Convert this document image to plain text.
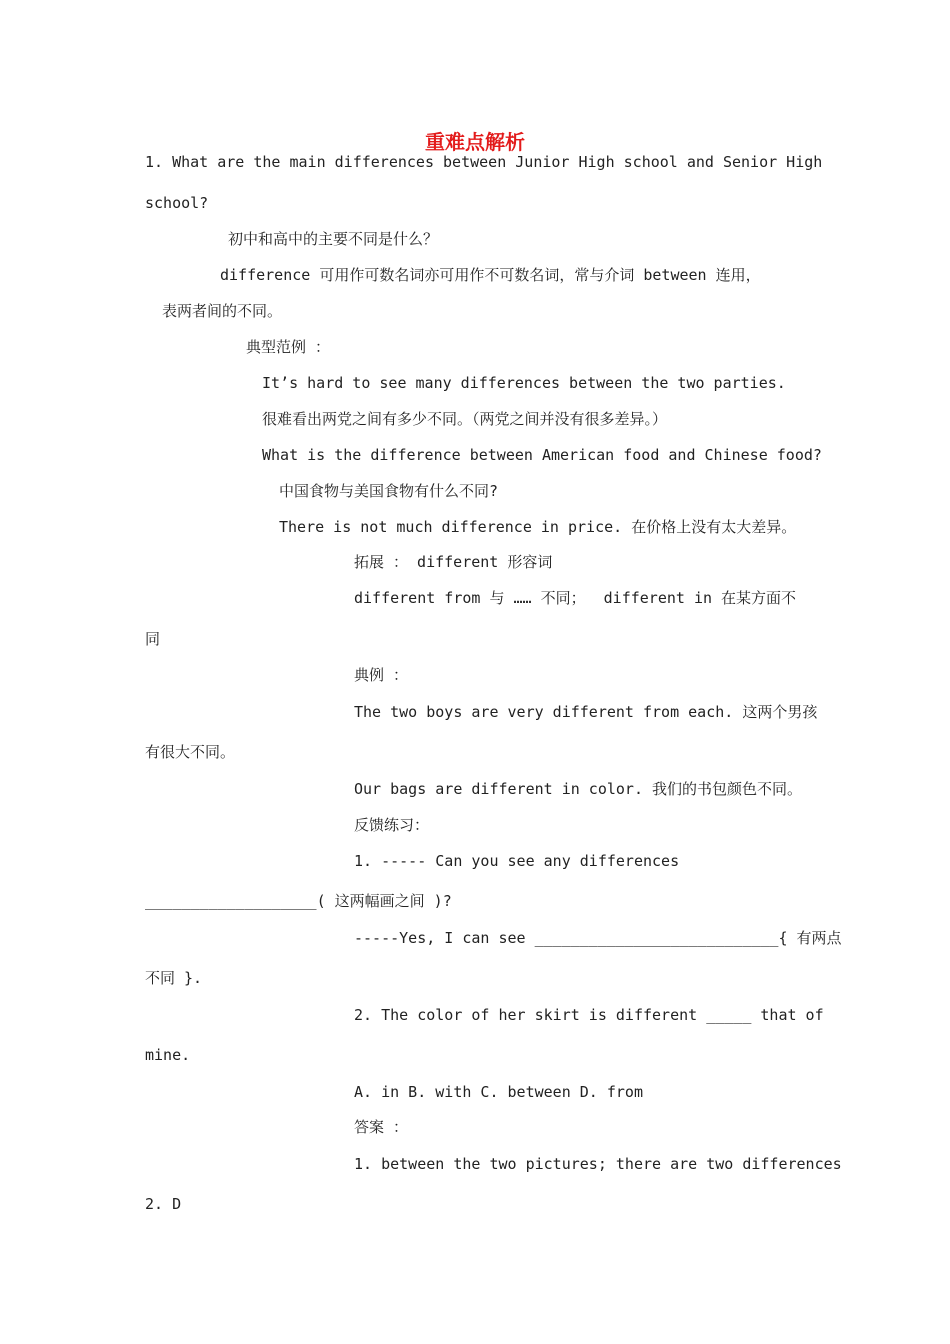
重难点解析
1. What are the main differences between Junior High school and Senior High
school?
初中和高中的主要不同是什么？
difference 可用作可数名词亦可用作不可数名词，常与介词 between 连用，
表两者间的不同。
典型范例 ：
It’s hard to see many differences between the two parties.
很难看出两党之间有多少不同。（两党之间并没有很多差异。）
What is the difference between American food and Chinese food?
中国食物与美国食物有什么不同?
There is not much difference in price. 在价格上没有太大差异。
拓展 ： different 形容词
different from 与 …… 不同；  different in 在某方面不
同
典例 ：
The two boys are very different from each. 这两个男孩
有很大不同。
Our bags are different in color. 我们的书包颜色不同。
反馈练习：
1. ----- Can you see any differences
___________________( 这两幅画之间 )?
-----Yes, I can see ___________________________{ 有两点
不同 }.
2. The color of her skirt is different _____ that of
mine.
A. in B. with C. between D. from
答案 ：
1. between the two pictures; there are two differences
2. D
